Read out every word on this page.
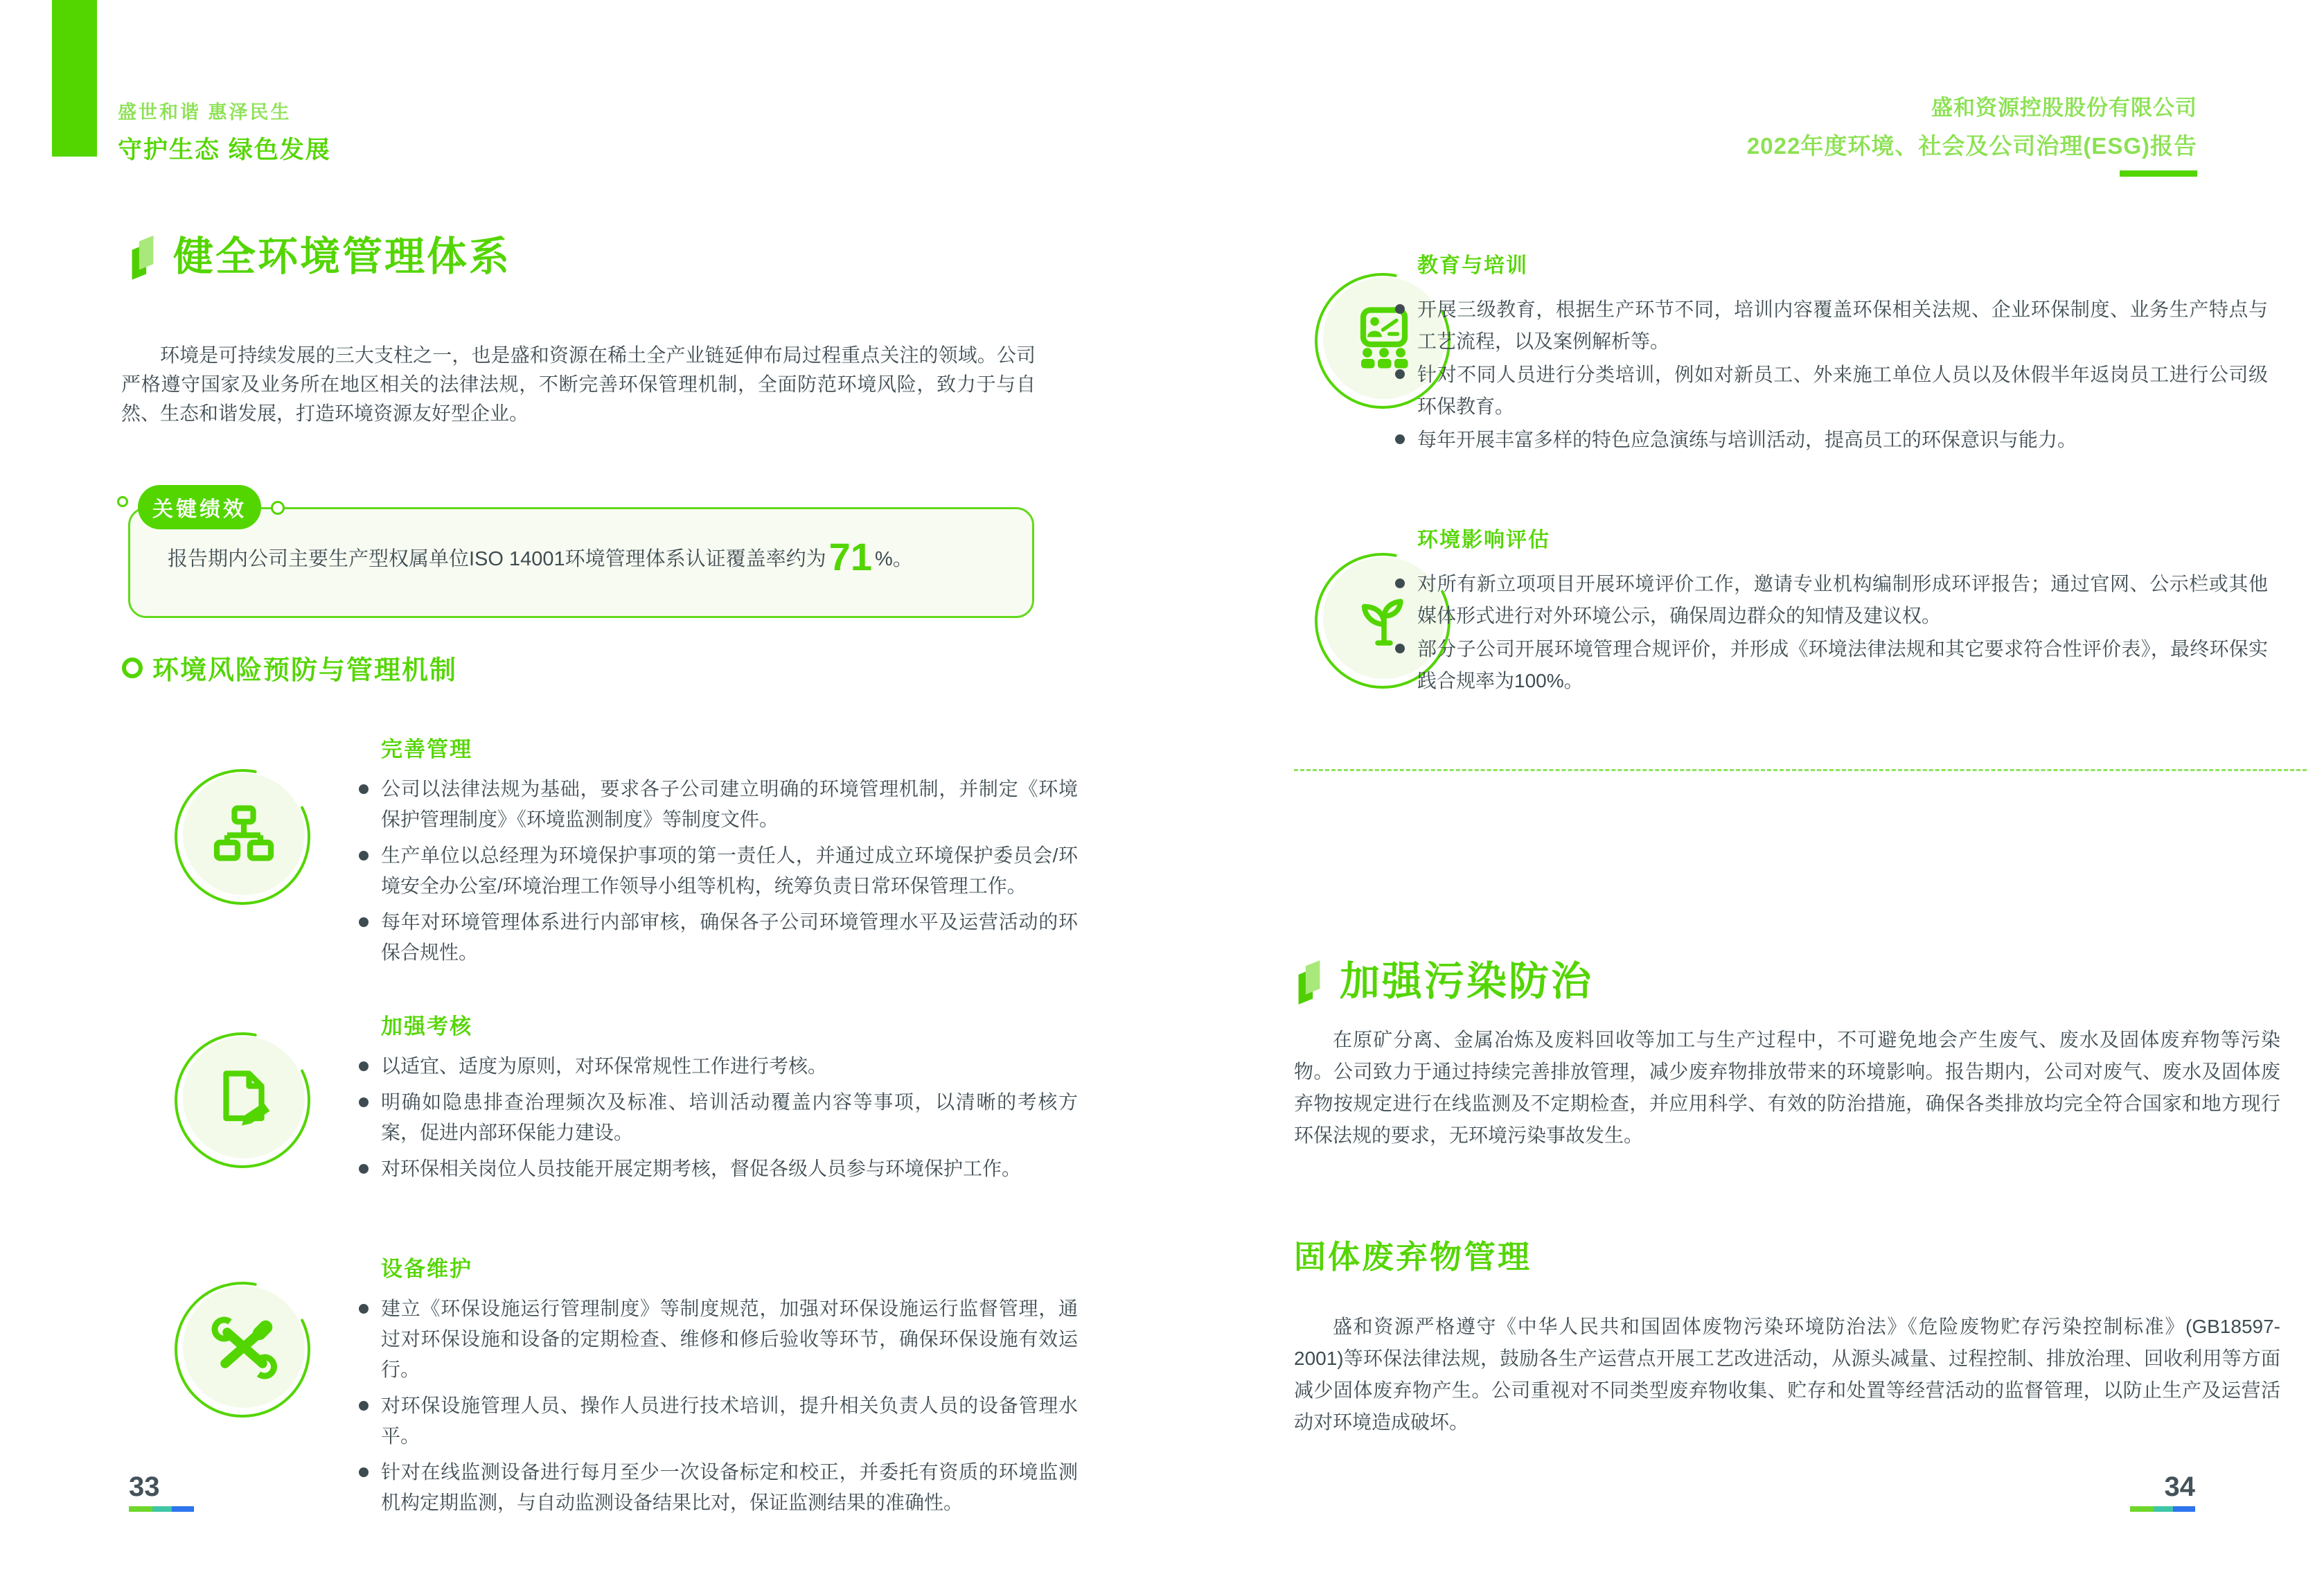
盛世和谐 惠泽民生
守护生态 绿色发展
健全环境管理体系

环境是可持续发展的三大支柱之一，也是盛和资源在稀土全产业链延伸布局过程重点关注的领域。公司严格遵守国家及业务所在地区相关的法律法规，不断完善环保管理机制，全面防范环境风险，致力于与自然、生态和谐发展，打造环境资源友好型企业。

关键绩效

报告期内公司主要生产型权属单位ISO 14001环境管理体系认证覆盖率约为71 %。

环境风险预防与管理机制
完善管理
公司以法律法规为基础，要求各子公司建立明确的环境管理机制，并制定《环境保护管理制度》《环境监测制度》等制度文件。
生产单位以总经理为环境保护事项的第一责任人，并通过成立环境保护委员会/环境安全办公室/环境治理工作领导小组等机构，统筹负责日常环保管理工作。
每年对环境管理体系进行内部审核，确保各子公司环境管理水平及运营活动的环保合规性。
加强考核
以适宜、适度为原则，对环保常规性工作进行考核。
明确如隐患排查治理频次及标准、培训活动覆盖内容等事项，以清晰的考核方案，促进内部环保能力建设。
对环保相关岗位人员技能开展定期考核，督促各级人员参与环境保护工作。
设备维护
建立《环保设施运行管理制度》等制度规范，加强对环保设施运行监督管理，通过对环保设施和设备的定期检查、维修和修后验收等环节，确保环保设施有效运行。
对环保设施管理人员、操作人员进行技术培训，提升相关负责人员的设备管理水平。
针对在线监测设备进行每月至少一次设备标定和校正，并委托有资质的环境监测机构定期监测，与自动监测设备结果比对，保证监测结果的准确性。
33
盛和资源控股股份有限公司
2022年度环境、社会及公司治理(ESG)报告
教育与培训
开展三级教育，根据生产环节不同，培训内容覆盖环保相关法规、企业环保制度、业务生产特点与工艺流程，以及案例解析等。
针对不同人员进行分类培训，例如对新员工、外来施工单位人员以及休假半年返岗员工进行公司级环保教育。
每年开展丰富多样的特色应急演练与培训活动，提高员工的环保意识与能力。
环境影响评估
对所有新立项项目开展环境评价工作，邀请专业机构编制形成环评报告；通过官网、公示栏或其他媒体形式进行对外环境公示，确保周边群众的知情及建议权。
部分子公司开展环境管理合规评价，并形成《环境法律法规和其它要求符合性评价表》，最终环保实践合规率为100%。
加强污染防治

在原矿分离、金属冶炼及废料回收等加工与生产过程中，不可避免地会产生废气、废水及固体废弃物等污染物。公司致力于通过持续完善排放管理，减少废弃物排放带来的环境影响。报告期内，公司对废气、废水及固体废弃物按规定进行在线监测及不定期检查，并应用科学、有效的防治措施，确保各类排放均完全符合国家和地方现行环保法规的要求，无环境污染事故发生。

固体废弃物管理

盛和资源严格遵守《中华人民共和国固体废物污染环境防治法》《危险废物贮存污染控制标准》(GB18597-2001)等环保法律法规，鼓励各生产运营点开展工艺改进活动，从源头减量、过程控制、排放治理、回收利用等方面减少固体废弃物产生。公司重视对不同类型废弃物收集、贮存和处置等经营活动的监督管理，以防止生产及运营活动对环境造成破坏。

34
